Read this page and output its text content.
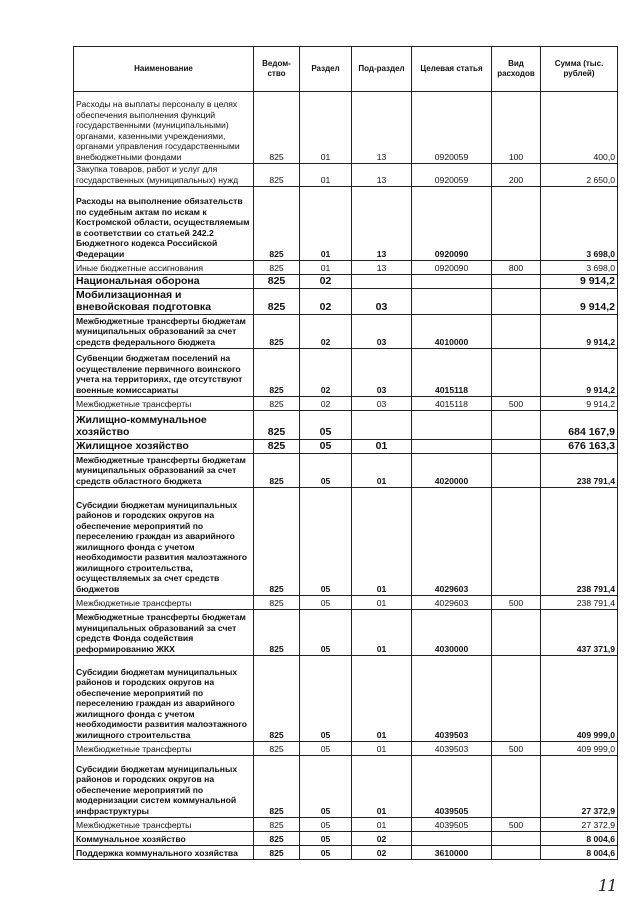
Наименование	Ведом-ство	Раздел	Под-раздел	Целевая статья	Вид расходов	Сумма (тыс. рублей)
Расходы на выплаты персоналу в целях обеспечения выполнения функций государственными (муниципальными) органами, казенными учреждениями, органами управления государственными внебюджетными фондами	825	01	13	0920059	100	400,0
Закупка товаров, работ и услуг для государственных (муниципальных) нужд	825	01	13	0920059	200	2 650,0
Расходы на выполнение обязательств по судебным актам по искам к Костромской области, осуществляемым в соответствии со статьей 242.2 Бюджетного кодекса Российской Федерации	825	01	13	0920090		3 698,0
Иные бюджетные ассигнования	825	01	13	0920090	800	3 698,0
Национальная оборона	825	02				9 914,2
Мобилизационная и вневойсковая подготовка	825	02	03			9 914,2
Межбюджетные трансферты бюджетам муниципальных образований за счет средств федерального бюджета	825	02	03	4010000		9 914,2
Субвенции бюджетам поселений на осуществление первичного воинского учета на территориях, где отсутствуют военные комиссариаты	825	02	03	4015118		9 914,2
Межбюджетные трансферты	825	02	03	4015118	500	9 914,2
Жилищно-коммунальное хозяйство	825	05				684 167,9
Жилищное хозяйство	825	05	01			676 163,3
Межбюджетные трансферты бюджетам муниципальных образований за счет средств областного бюджета	825	05	01	4020000		238 791,4
Субсидии бюджетам муниципальных районов и городских округов на обеспечение мероприятий по переселению граждан из аварийного жилищного фонда с учетом необходимости развития малоэтажного жилищного строительства, осуществляемых за счет средств бюджетов	825	05	01	4029603		238 791,4
Межбюджетные трансферты	825	05	01	4029603	500	238 791,4
Межбюджетные трансферты бюджетам муниципальных образований за счет средств Фонда содействия реформированию ЖКХ	825	05	01	4030000		437 371,9
Субсидии бюджетам муниципальных районов и городских округов на обеспечение мероприятий по переселению граждан из аварийного жилищного фонда с учетом необходимости развития малоэтажного жилищного строительства	825	05	01	4039503		409 999,0
Межбюджетные трансферты	825	05	01	4039503	500	409 999,0
Субсидии бюджетам муниципальных районов и городских округов на обеспечение мероприятий по модернизации систем коммунальной инфраструктуры	825	05	01	4039505		27 372,9
Межбюджетные трансферты	825	05	01	4039505	500	27 372,9
Коммунальное хозяйство	825	05	02			8 004,6
Поддержка коммунального хозяйства	825	05	02	3610000		8 004,6
11
